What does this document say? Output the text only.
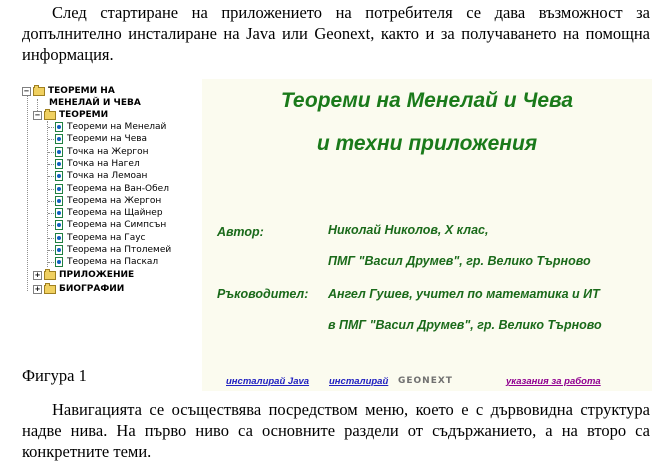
След стартиране на приложението на потребителя се дава възможност за допълнително инсталиране на Java или Geonext, както и за получаването на помощна информация.
− ТЕОРЕМИ НА
МЕНЕЛАЙ И ЧЕВА
− ТЕОРЕМИ
Теореми на Менелай
Теореми на Чева
Точка на Жергон
Точка на Нагел
Точка на Лемоан
Теорема на Ван-Обел
Теорема на Жергон
Теорема на Щайнер
Теорема на Симпсън
Теорема на Гаус
Теорема на Птолемей
Теорема на Паскал
+ ПРИЛОЖЕНИЕ
+ БИОГРАФИИ
Теореми на Менелай и Чева
и техни приложения
Автор:	Николай Николов, X клас,
ПМГ "Васил Друмев", гр. Велико Търново
Ръководител: Ангел Гушев, учител по математика и ИТ
в ПМГ "Васил Друмев", гр. Велико Търново
инсталирай Java инсталирай GEONEXT	указания за работа
Фигура 1
Навигацията се осъществява посредством меню, което е с дървовидна структура надве нива. На първо ниво са основните раздели от съдържанието, а на второ са конкретните теми.
